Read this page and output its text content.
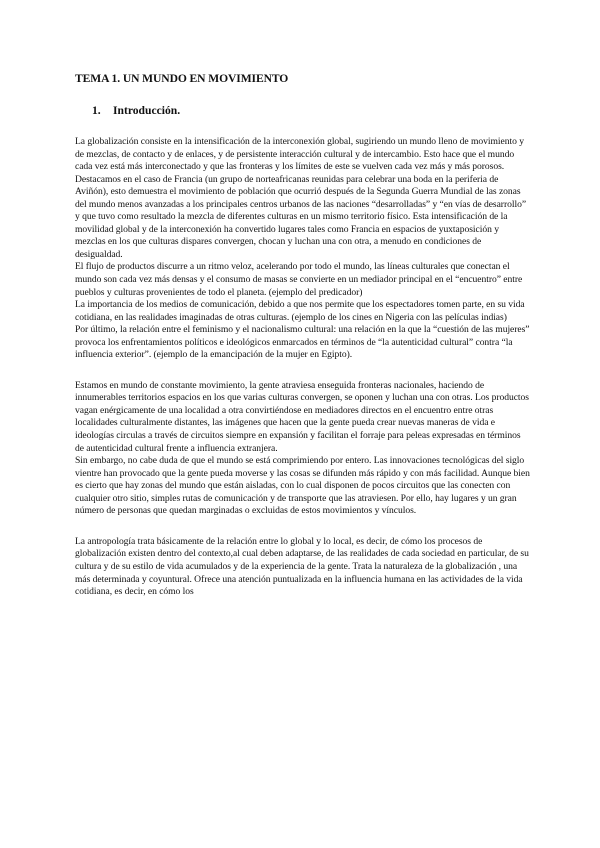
TEMA 1. UN MUNDO EN MOVIMIENTO
1. Introducción.

La globalización consiste en la intensificación de la interconexión global, sugiriendo un mundo lleno de movimiento y de mezclas, de contacto y de enlaces, y de persistente interacción cultural y de intercambio. Esto hace que el mundo cada vez está más interconectado y que las fronteras y los límites de este se vuelven cada vez más y más porosos.

Destacamos en el caso de Francia (un grupo de norteafricanas reunidas para celebrar una boda en la periferia de Aviñón), esto demuestra el movimiento de población que ocurrió después de la Segunda Guerra Mundial de las zonas del mundo menos avanzadas a los principales centros urbanos de las naciones “desarrolladas” y “en vías de desarrollo” y que tuvo como resultado la mezcla de diferentes culturas en un mismo territorio físico. Esta intensificación de la movilidad global y de la interconexión ha convertido lugares tales como Francia en espacios de yuxtaposición y mezclas en los que culturas dispares convergen, chocan y luchan una con otra, a menudo en condiciones de desigualdad.

El flujo de productos discurre a un ritmo veloz, acelerando por todo el mundo, las líneas culturales que conectan el mundo son cada vez más densas y el consumo de masas se convierte en un mediador principal en el “encuentro” entre pueblos y culturas provenientes de todo el planeta. (ejemplo del predicador)

La importancia de los medios de comunicación, debido a que nos permite que los espectadores tomen parte, en su vida cotidiana, en las realidades imaginadas de otras culturas. (ejemplo de los cines en Nigeria con las películas indias)

Por último, la relación entre el feminismo y el nacionalismo cultural: una relación en la que la “cuestión de las mujeres” provoca los enfrentamientos políticos e ideológicos enmarcados en términos de “la autenticidad cultural” contra “la influencia exterior”. (ejemplo de la emancipación de la mujer en Egipto).

Estamos en mundo de constante movimiento, la gente atraviesa enseguida fronteras nacionales, haciendo de innumerables territorios espacios en los que varias culturas convergen, se oponen y luchan una con otras. Los productos vagan enérgicamente de una localidad a otra convirtiéndose en mediadores directos en el encuentro entre otras localidades culturalmente distantes, las imágenes que hacen que la gente pueda crear nuevas maneras de vida e ideologías circulas a través de circuitos siempre en expansión y facilitan el forraje para peleas expresadas en términos de autenticidad cultural frente a influencia extranjera.

Sin embargo, no cabe duda de que el mundo se está comprimiendo por entero. Las innovaciones tecnológicas del siglo vientre han provocado que la gente pueda moverse y las cosas se difunden más rápido y con más facilidad. Aunque bien es cierto que hay zonas del mundo que están aisladas, con lo cual disponen de pocos circuitos que las conecten con cualquier otro sitio, simples rutas de comunicación y de transporte que las atraviesen. Por ello, hay lugares y un gran número de personas que quedan marginadas o excluidas de estos movimientos y vínculos.

La antropología trata básicamente de la relación entre lo global y lo local, es decir, de cómo los procesos de globalización existen dentro del contexto,al cual deben adaptarse, de las realidades de cada sociedad en particular, de su cultura y de su estilo de vida acumulados y de la experiencia de la gente. Trata la naturaleza de la globalización , una más determinada y coyuntural. Ofrece una atención puntualizada en la influencia humana en las actividades de la vida cotidiana, es decir, en cómo los
